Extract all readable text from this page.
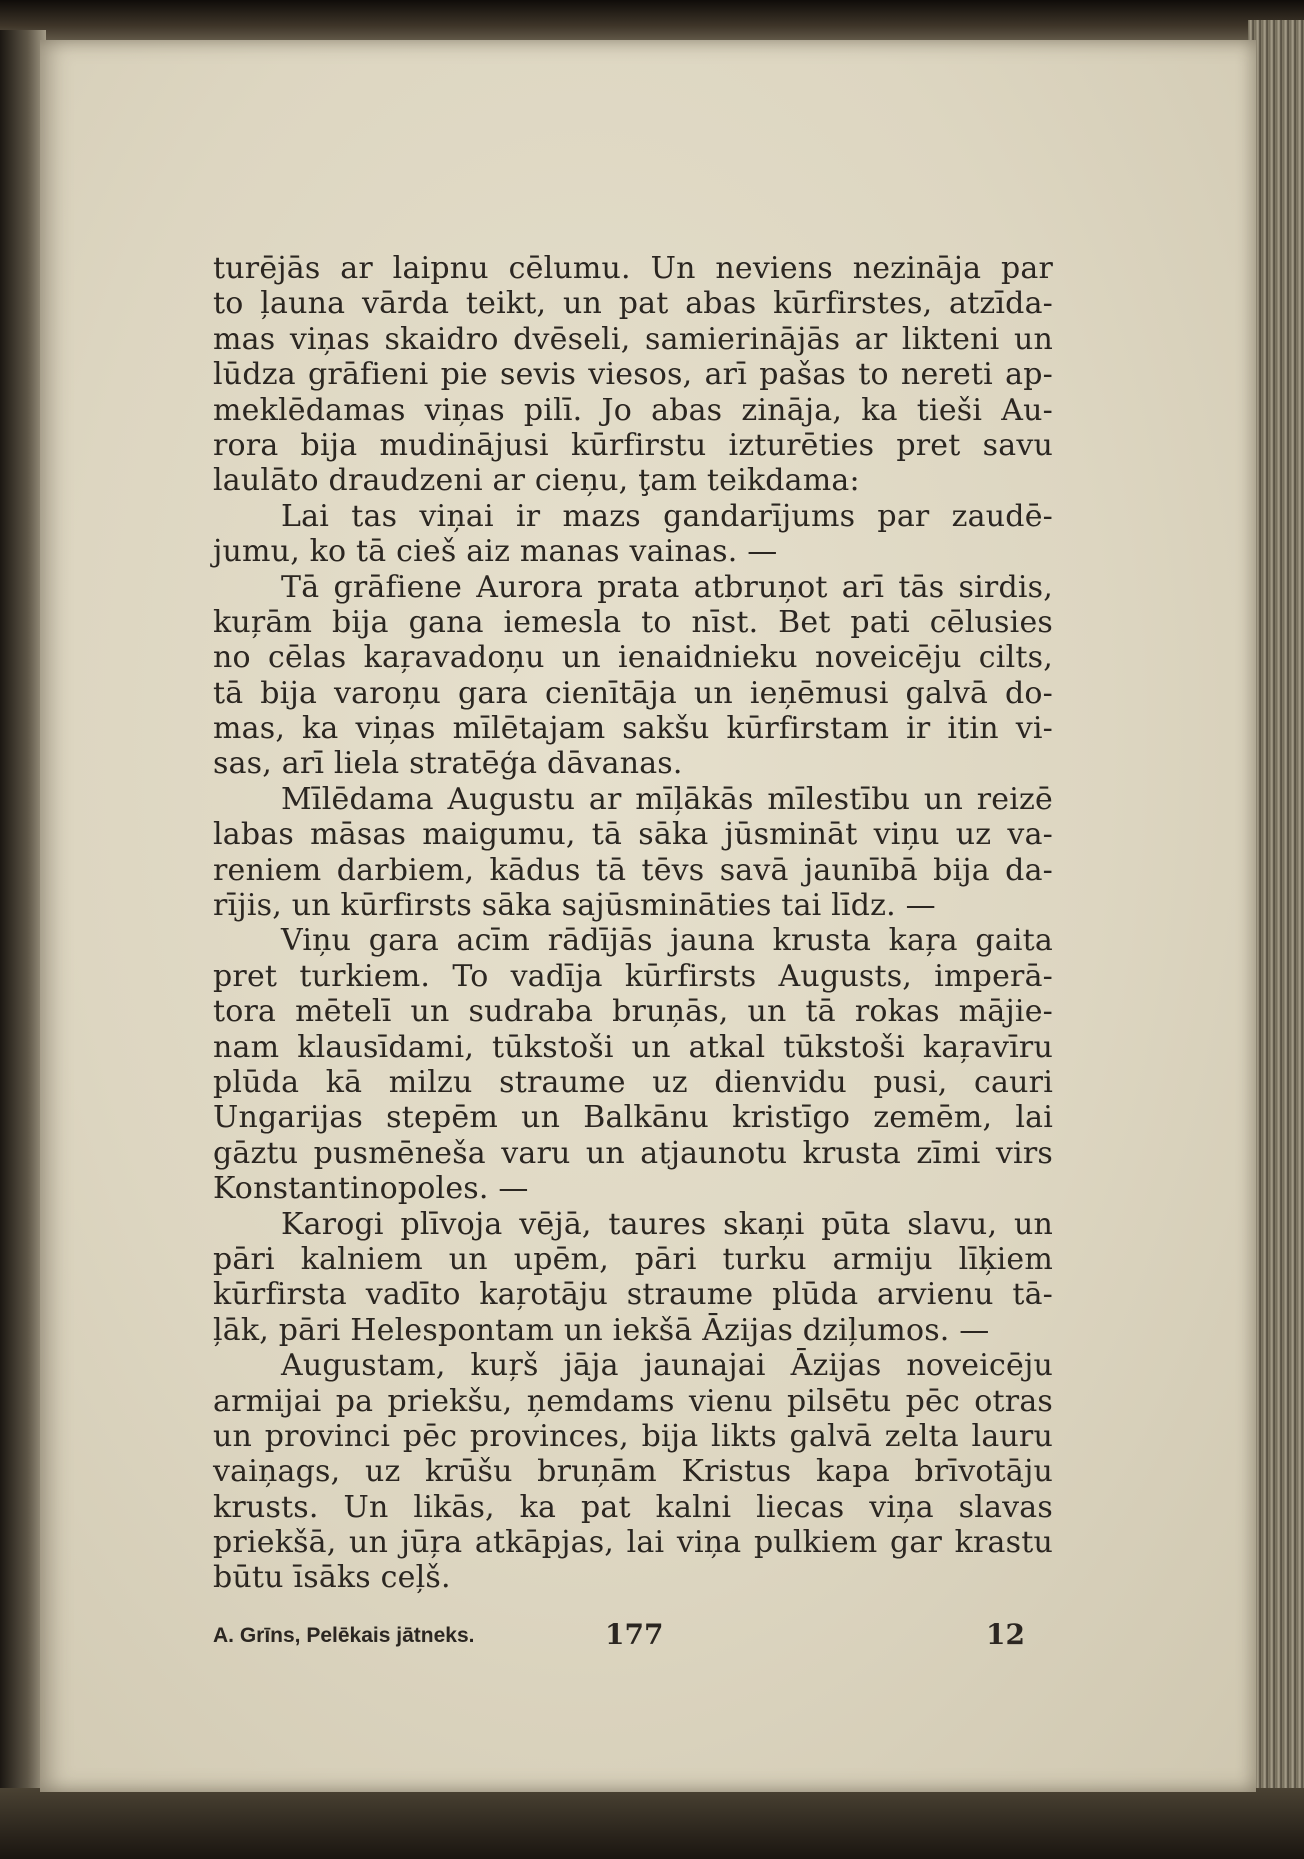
turējās ar laipnu cēlumu. Un neviens nezināja par
to ļauna vārda teikt, un pat abas kūrfirstes, atzīda-
mas viņas skaidro dvēseli, samierinājās ar likteni un
lūdza grāfieni pie sevis viesos, arī pašas to nereti ap-
meklēdamas viņas pilī. Jo abas zināja, ka tieši Au-
rora bija mudinājusi kūrfirstu izturēties pret savu
laulāto draudzeni ar cieņu, ţam teikdama:
Lai tas viņai ir mazs gandarījums par zaudē-
jumu, ko tā cieš aiz manas vainas. —
Tā grāfiene Aurora prata atbruņot arī tās sirdis,
kuŗām bija gana iemesla to nīst. Bet pati cēlusies
no cēlas kaŗavadoņu un ienaidnieku noveicēju cilts,
tā bija varoņu gara cienītāja un ieņēmusi galvā do-
mas, ka viņas mīlētajam sakšu kūrfirstam ir itin vi-
sas, arī liela stratēģa dāvanas.
Mīlēdama Augustu ar mīļākās mīlestību un reizē
labas māsas maigumu, tā sāka jūsmināt viņu uz va-
reniem darbiem, kādus tā tēvs savā jaunībā bija da-
rījis, un kūrfirsts sāka sajūsmināties tai līdz. —
Viņu gara acīm rādījās jauna krusta kaŗa gaita
pret turkiem. To vadīja kūrfirsts Augusts, imperā-
tora mētelī un sudraba bruņās, un tā rokas mājie-
nam klausīdami, tūkstoši un atkal tūkstoši kaŗavīru
plūda kā milzu straume uz dienvidu pusi, cauri
Ungarijas stepēm un Balkānu kristīgo zemēm, lai
gāztu pusmēneša varu un atjaunotu krusta zīmi virs
Konstantinopoles. —
Karogi plīvoja vējā, taures skaņi pūta slavu, un
pāri kalniem un upēm, pāri turku armiju līķiem
kūrfirsta vadīto kaŗotāju straume plūda arvienu tā-
ļāk, pāri Helespontam un iekšā Āzijas dziļumos. —
Augustam, kuŗš jāja jaunajai Āzijas noveicēju
armijai pa priekšu, ņemdams vienu pilsētu pēc otras
un provinci pēc provinces, bija likts galvā zelta lauru
vaiņags, uz krūšu bruņām Kristus kapa brīvotāju
krusts. Un likās, ka pat kalni liecas viņa slavas
priekšā, un jūŗa atkāpjas, lai viņa pulkiem gar krastu
būtu īsāks ceļš.
A. Grīns, Pelēkais jātneks.	177	12
